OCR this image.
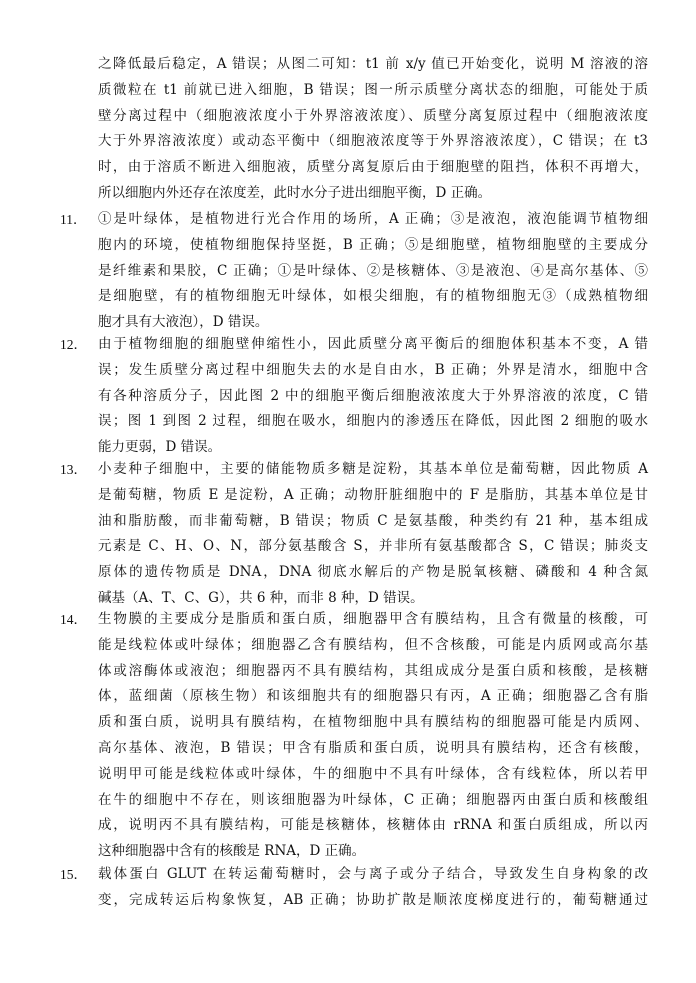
之降低最后稳定，A 错误；从图二可知：t1 前 x/y 值已开始变化，说明 M 溶液的溶
质微粒在 t1 前就已进入细胞，B 错误；图一所示质壁分离状态的细胞，可能处于质
壁分离过程中（细胞液浓度小于外界溶液浓度）、质壁分离复原过程中（细胞液浓度
大于外界溶液浓度）或动态平衡中（细胞液浓度等于外界溶液浓度），C 错误；在 t3
时，由于溶质不断进入细胞液，质壁分离复原后由于细胞壁的阻挡，体积不再增大，
所以细胞内外还存在浓度差，此时水分子进出细胞平衡，D 正确。
11． ①是叶绿体，是植物进行光合作用的场所，A 正确；③是液泡，液泡能调节植物细
胞内的环境，使植物细胞保持坚挺，B 正确；⑤是细胞壁，植物细胞壁的主要成分
是纤维素和果胶，C 正确；①是叶绿体、②是核糖体、③是液泡、④是高尔基体、⑤
是细胞壁，有的植物细胞无叶绿体，如根尖细胞，有的植物细胞无③（成熟植物细
胞才具有大液泡），D 错误。
12． 由于植物细胞的细胞壁伸缩性小，因此质壁分离平衡后的细胞体积基本不变，A 错
误；发生质壁分离过程中细胞失去的水是自由水，B 正确；外界是清水，细胞中含
有各种溶质分子，因此图 2 中的细胞平衡后细胞液浓度大于外界溶液的浓度，C 错
误；图 1 到图 2 过程，细胞在吸水，细胞内的渗透压在降低，因此图 2 细胞的吸水
能力更弱，D 错误。
13． 小麦种子细胞中，主要的储能物质多糖是淀粉，其基本单位是葡萄糖，因此物质 A
是葡萄糖，物质 E 是淀粉，A 正确；动物肝脏细胞中的 F 是脂肪，其基本单位是甘
油和脂肪酸，而非葡萄糖，B 错误；物质 C 是氨基酸，种类约有 21 种，基本组成
元素是 C、H、O、N，部分氨基酸含 S，并非所有氨基酸都含 S，C 错误；肺炎支
原体的遗传物质是 DNA，DNA 彻底水解后的产物是脱氧核糖、磷酸和 4 种含氮
碱基（A、T、C、G），共 6 种，而非 8 种，D 错误。
14． 生物膜的主要成分是脂质和蛋白质，细胞器甲含有膜结构，且含有微量的核酸，可
能是线粒体或叶绿体；细胞器乙含有膜结构，但不含核酸，可能是内质网或高尔基
体或溶酶体或液泡；细胞器丙不具有膜结构，其组成成分是蛋白质和核酸，是核糖
体，蓝细菌（原核生物）和该细胞共有的细胞器只有丙，A 正确；细胞器乙含有脂
质和蛋白质，说明具有膜结构，在植物细胞中具有膜结构的细胞器可能是内质网、
高尔基体、液泡，B 错误；甲含有脂质和蛋白质，说明具有膜结构，还含有核酸，
说明甲可能是线粒体或叶绿体，牛的细胞中不具有叶绿体，含有线粒体，所以若甲
在牛的细胞中不存在，则该细胞器为叶绿体，C 正确；细胞器丙由蛋白质和核酸组
成，说明丙不具有膜结构，可能是核糖体，核糖体由 rRNA 和蛋白质组成，所以丙
这种细胞器中含有的核酸是 RNA，D 正确。
15． 载体蛋白 GLUT 在转运葡萄糖时，会与离子或分子结合，导致发生自身构象的改
变，完成转运后构象恢复，AB 正确；协助扩散是顺浓度梯度进行的，葡萄糖通过
